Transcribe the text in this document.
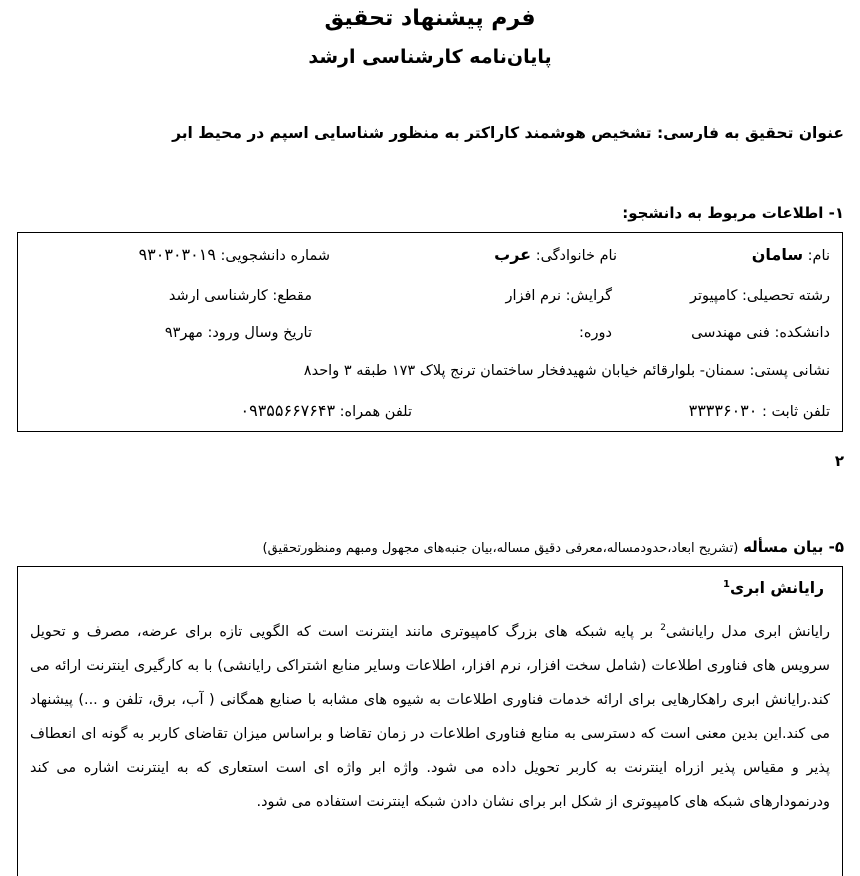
فرم پیشنهاد تحقیق
پایان‌نامه کارشناسی ارشد
عنوان تحقیق به فارسی: تشخیص هوشمند کاراکتر به منظور شناسایی اسپم در محیط ابر
۱- اطلاعات مربوط به دانشجو:
نام: سامان
نام خانوادگی: عرب
شماره دانشجویی: ۹۳۰۳۰۳۰۱۹
رشته تحصیلی: کامپیوتر
گرایش: نرم افزار
مقطع: کارشناسی ارشد
دانشکده: فنی مهندسی
دوره:
تاریخ وسال ورود: مهر۹۳
نشانی پستی: سمنان- بلوارقائم خیابان شهیدفخار ساختمان ترنج پلاک ۱۷۳ طبقه ۳ واحد۸
تلفن ثابت : ۳۳۳۳۶۰۳۰
تلفن همراه: ۰۹۳۵۵۶۶۷۶۴۳
۲
۵- بیان مسأله (تشریح ابعاد،حدودمساله،معرفی دقیق مساله،بیان جنبه‌های مجهول ومبهم ومنظورتحقیق)
رایانش ابری$^1$
رایانش ابری مدل رایانشی$^2$ بر پایه شبکه های بزرگ کامپیوتری مانند اینترنت است که الگویی تازه برای عرضه، مصرف و تحویل سرویس های فناوری اطلاعات (شامل سخت افزار، نرم افزار، اطلاعات وسایر منابع اشتراکی رایانشی) با به کارگیری اینترنت ارائه می کند.رایانش ابری راهکارهایی برای ارائه خدمات فناوری اطلاعات به شیوه های مشابه با صنایع همگانی ( آب، برق، تلفن و ...) پیشنهاد می کند.این بدین معنی است که دسترسی به منابع فناوری اطلاعات در زمان تقاضا و براساس میزان تقاضای کاربر به گونه ای انعطاف پذیر و مقیاس پذیر ازراه اینترنت به کاربر تحویل داده می شود. واژه ابر واژه ای است استعاری که به اینترنت اشاره می کند ودرنمودارهای شبکه های کامپیوتری از شکل ابر برای نشان دادن شبکه اینترنت استفاده می شود.
